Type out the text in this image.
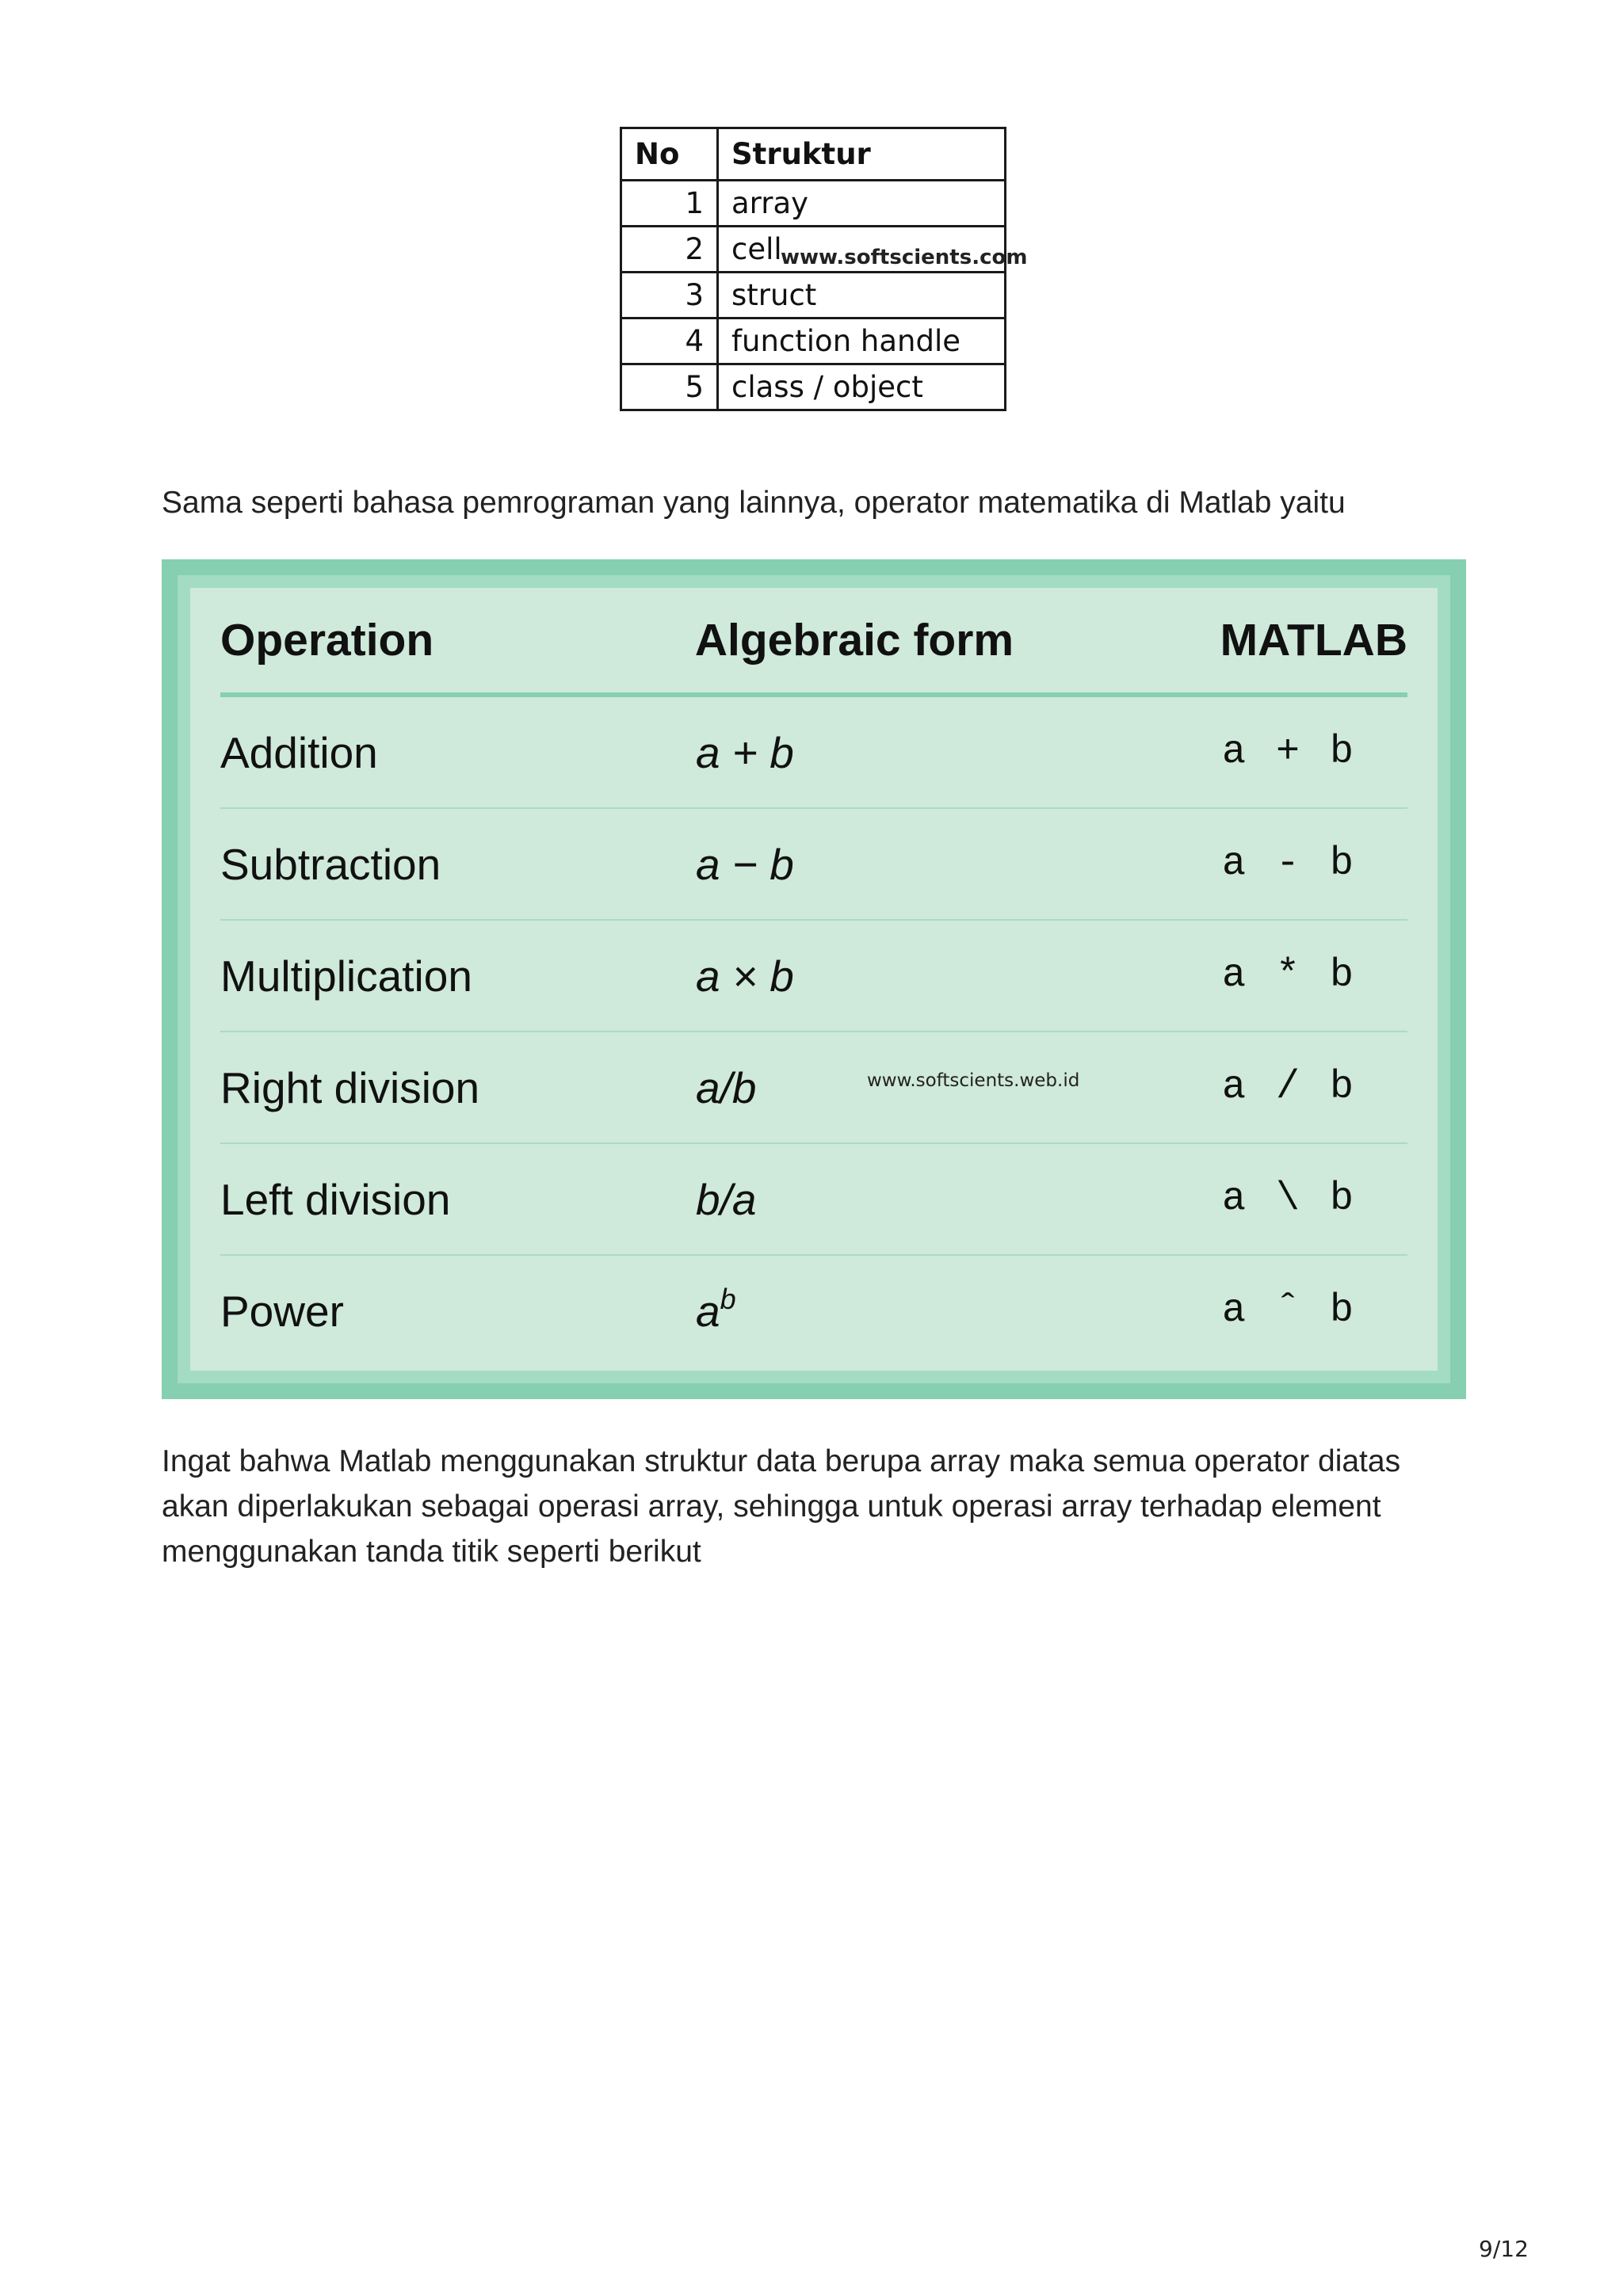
No	Struktur
1	array
2	cell
www.softscients.com

3	struct
4	function handle
5	class / object

Sama seperti bahasa pemrograman yang lainnya, operator matematika di Matlab yaitu

Operation	Algebraic form	MATLAB
Addition	a + b	a + b
Subtraction	a − b	a - b
Multiplication	a × b	a * b
Right division	a/b	a / b
www.softscients.web.id
Left division	b/a	a \ b
Power	$a^b$	a ˆ b

Ingat bahwa Matlab menggunakan struktur data berupa array maka semua operator diatas akan diperlakukan sebagai operasi array, sehingga untuk operasi array terhadap element menggunakan tanda titik seperti berikut

9/12
